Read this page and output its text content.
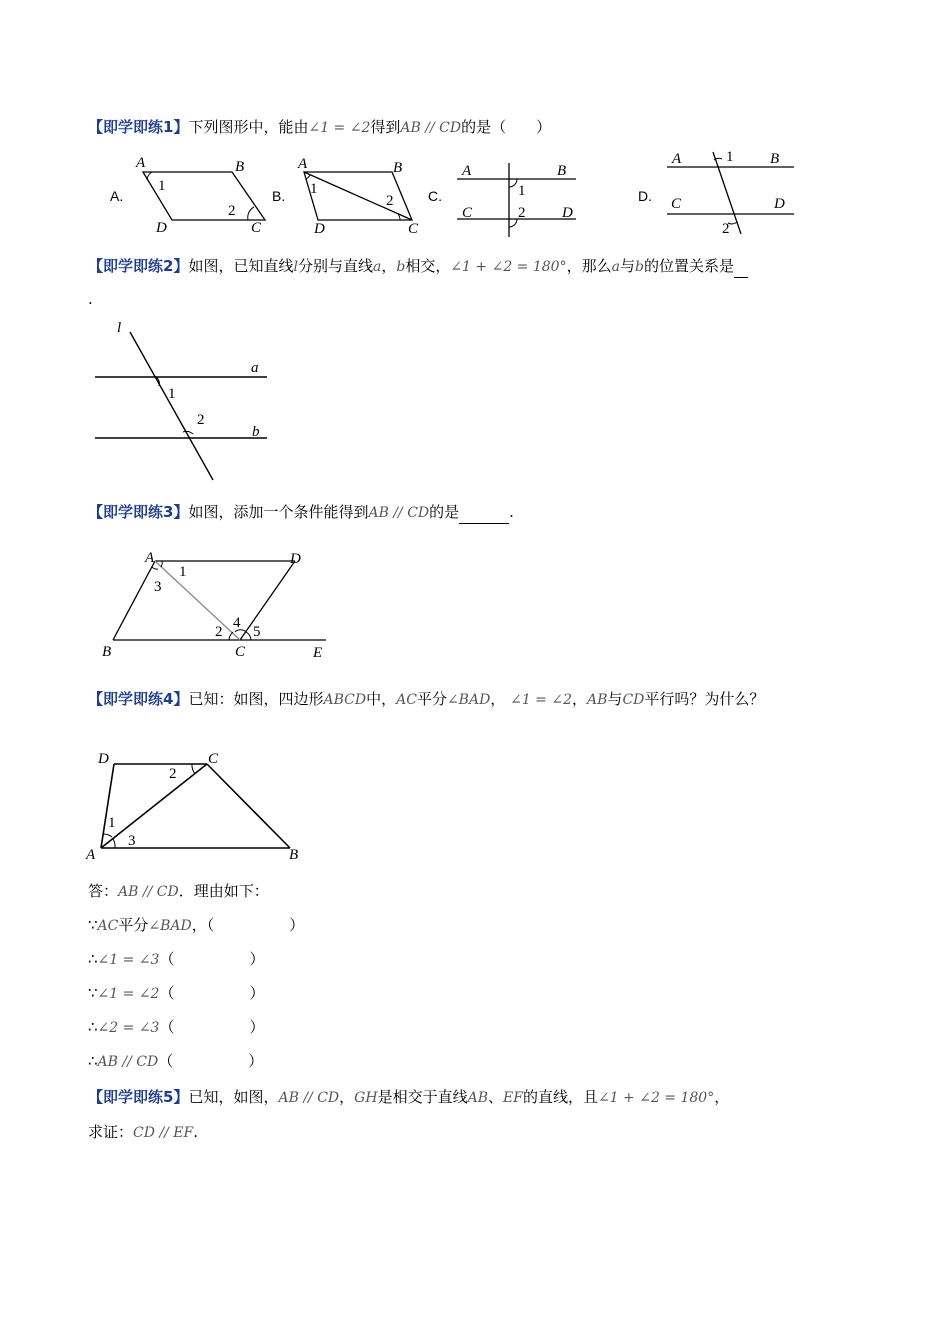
【即学即练1】下列图形中，能由∠1 = ∠2得到AB // CD的是（　　）
A.	B.	C.	D.
A	B
D	C
1
2
A	B
D	C
1
2
A	B
C	D
1
2
A	B
C	D
1
2
【即学即练2】如图，已知直线l分别与直线a，b相交，∠1 + ∠2 = 180°，那么a与b的位置关系是
.
l
a
b
1
2
【即学即练3】如图，添加一个条件能得到AB // CD的是	.
A	D
B	C	E
1
3
2
4
5
【即学即练4】已知：如图，四边形ABCD中，AC平分∠BAD， ∠1 = ∠2，AB与CD平行吗？为什么？
D	C
A	B
1
3
2
答：AB // CD．理由如下：
∵AC平分∠BAD，（　　　　　）
∴∠1 = ∠3（　　　　　）
∵∠1 = ∠2（　　　　　）
∴∠2 = ∠3（　　　　　）
∴AB // CD（　　　　　）
【即学即练5】已知，如图，AB // CD，GH是相交于直线AB、EF的直线，且∠1 + ∠2 = 180°，
求证：CD // EF.
